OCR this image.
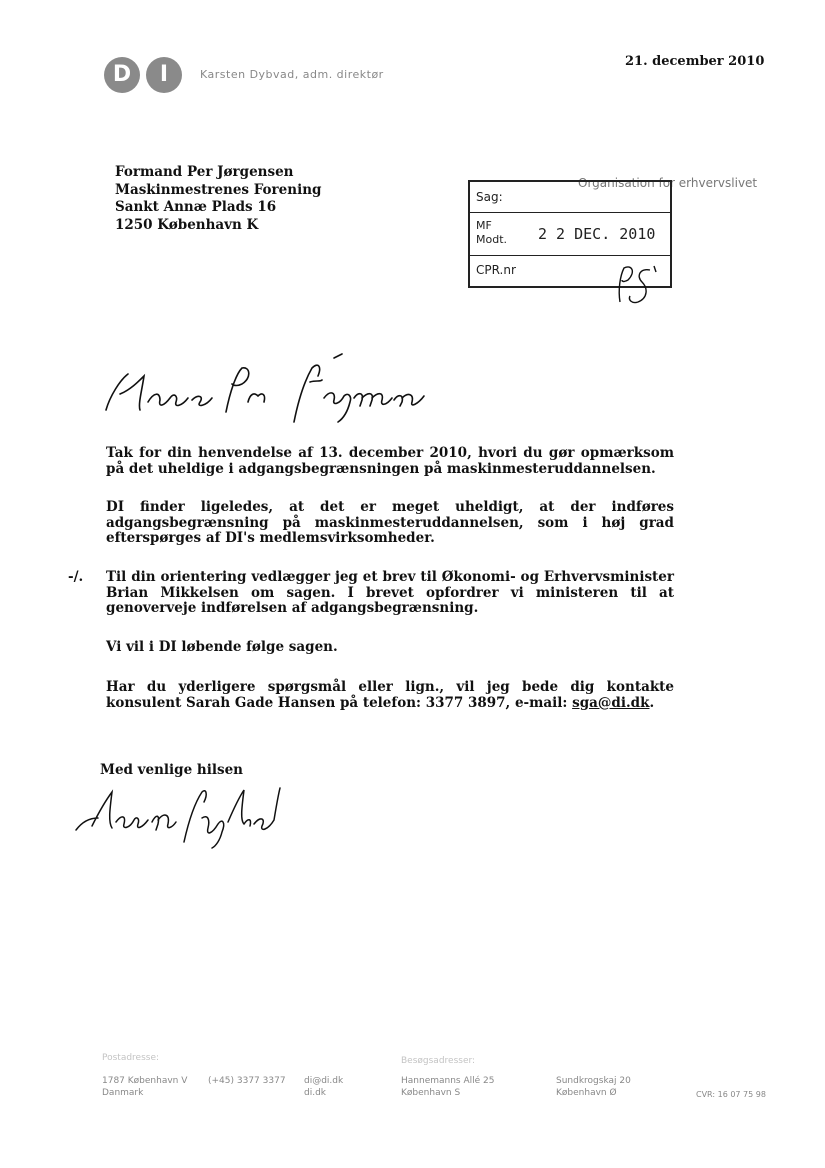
D	I	Karsten Dybvad, adm. direktør
21. december 2010
Formand Per Jørgensen
Maskinmestrenes Forening
Sankt Annæ Plads 16
1250 København K
Organisation for erhvervslivet
Sag:
MF
Modt. 2 2 DEC. 2010
CPR.nr
Tak for din henvendelse af 13. december 2010, hvori du gør opmærksom på det uheldige i adgangsbegrænsningen på maskinmesteruddannelsen.
DI finder ligeledes, at det er meget uheldigt, at der indføres adgangsbegrænsning på maskinmesteruddannelsen, som i høj grad efterspørges af DI's medlemsvirksomheder.
-/. Til din orientering vedlægger jeg et brev til Økonomi- og Erhvervsminister Brian Mikkelsen om sagen. I brevet opfordrer vi ministeren til at genoverveje indførelsen af adgangsbegrænsning.
Vi vil i DI løbende følge sagen.
Har du yderligere spørgsmål eller lign., vil jeg bede dig kontakte konsulent Sarah Gade Hansen på telefon: 3377 3897, e-mail: sga@di.dk.
Med venlige hilsen
Postadresse:
1787 København V
Danmark
(+45) 3377 3377 di@di.dk
di.dk
Besøgsadresser:
Hannemanns Allé 25
København S
Sundkrogskaj 20
København Ø	CVR: 16 07 75 98
